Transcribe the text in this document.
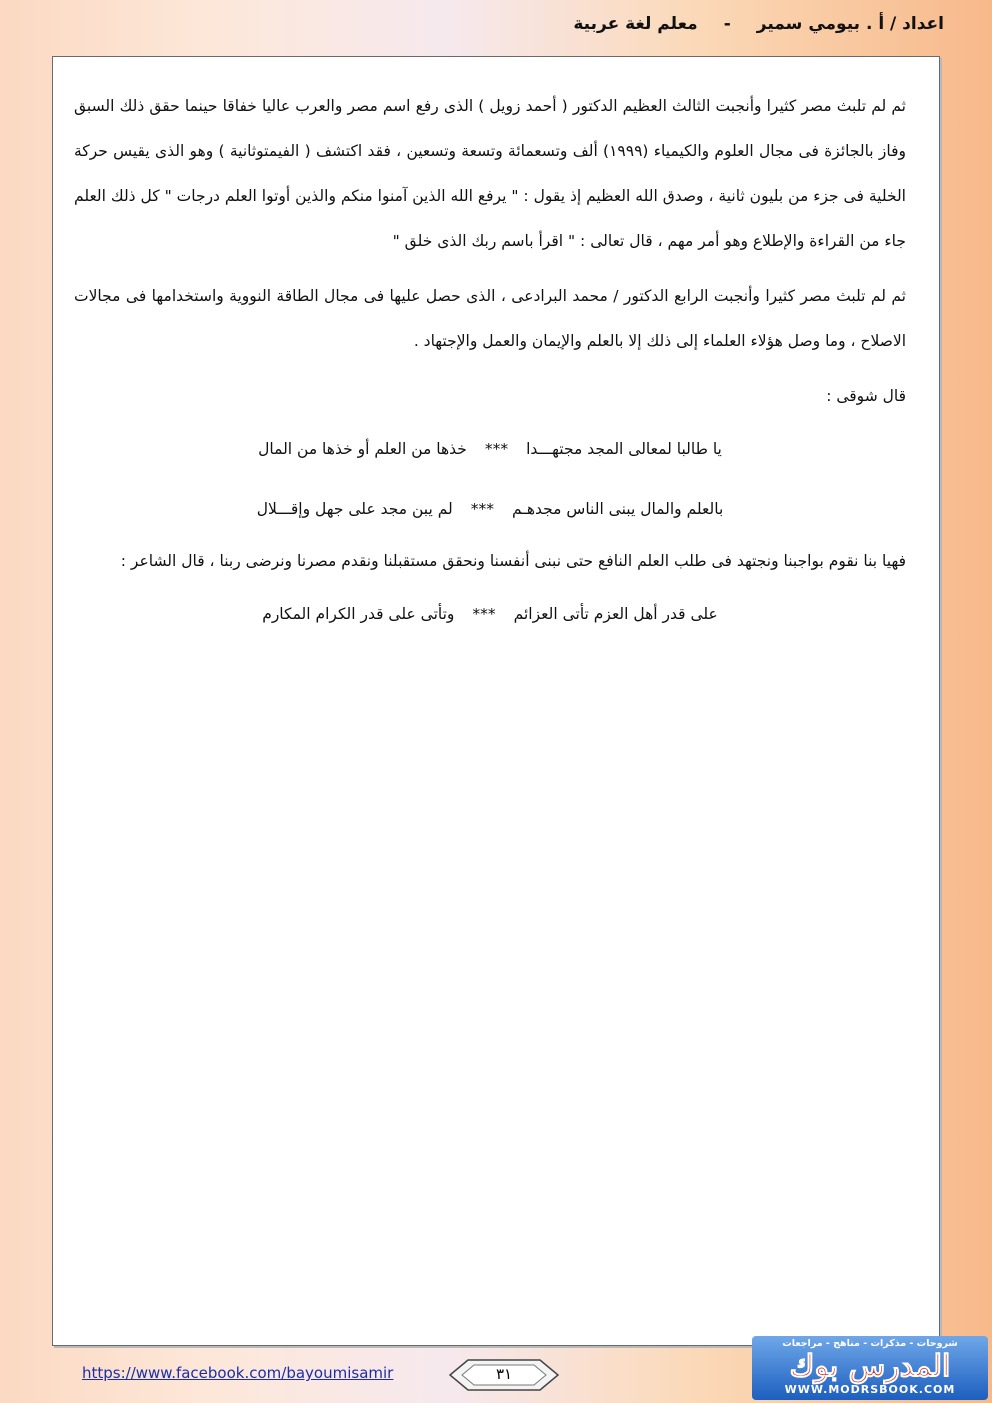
اعداد / أ . بيومي سمير-معلم لغة عربية

ثم لم تلبث مصر كثيرا وأنجبت الثالث العظيم الدكتور ( أحمد زويل ) الذى رفع اسم مصر والعرب عاليا خفاقا حينما حقق ذلك السبق وفاز بالجائزة فى مجال العلوم والكيمياء (١٩٩٩) ألف وتسعمائة وتسعة وتسعين ، فقد اكتشف ( الفيمتوثانية ) وهو الذى يقيس حركة الخلية فى جزء من بليون ثانية ، وصدق الله العظيم إذ يقول : " يرفع الله الذين آمنوا منكم والذين أوتوا العلم درجات " كل ذلك العلم جاء من القراءة والإطلاع وهو أمر مهم ، قال تعالى : " اقرأ باسم ربك الذى خلق "

ثم لم تلبث مصر كثيرا وأنجبت الرابع الدكتور / محمد البرادعى ، الذى حصل عليها فى مجال الطاقة النووية واستخدامها فى مجالات الاصلاح ، وما وصل هؤلاء العلماء إلى ذلك إلا بالعلم والإيمان والعمل والإجتهاد .

قال شوقى :

يا طالبا لمعالى المجد مجتهـــدا***خذها من العلم أو خذها من المال
بالعلم والمال يبنى الناس مجدهـم***لم يبن مجد على جهل وإقـــلال

فهيا بنا نقوم بواجبنا ونجتهد فى طلب العلم النافع حتى نبنى أنفسنا ونحقق مستقبلنا ونقدم مصرنا ونرضى ربنا ، قال الشاعر :

على قدر أهل العزم تأتى العزائم***وتأتى على قدر الكرام المكارم
https://www.facebook.com/bayoumisamir	٣١
شروحات - مذكرات - مناهج - مراجعات
المدرس بوك
WWW.MODRSBOOK.COM
